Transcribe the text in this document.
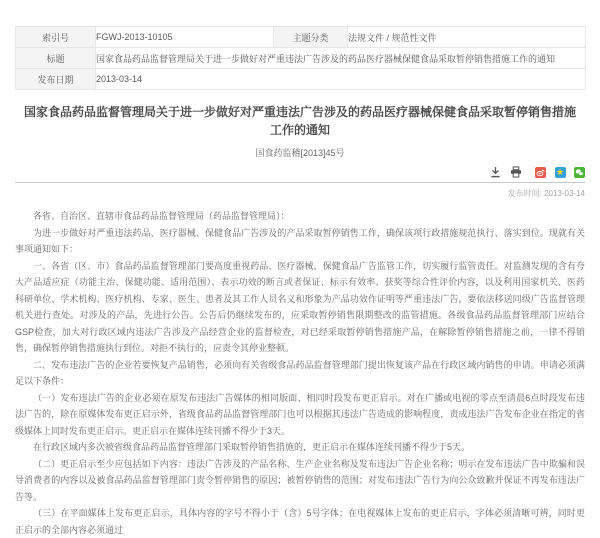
索引号	FGWJ-2013-10105	主题分类	法规文件 / 规范性文件
标题	国家食品药品监督管理局关于进一步做好对严重违法广告涉及的药品医疗器械保健食品采取暂停销售措施工作的通知		
发布日期	2013-03-14		
国家食品药品监督管理局关于进一步做好对严重违法广告涉及的药品医疗器械保健食品采取暂停销售措施工作的通知
国食药监稽[2013]45号
★
发布时间: 2013-03-14

各省、自治区、直辖市食品药品监督管理局（药品监督管理局）：

为进一步做好对严重违法药品、医疗器械、保健食品广告涉及的产品采取暂停销售工作，确保该项行政措施规范执行、落实到位。现就有关事项通知如下：

一、各省（区、市）食品药品监督管理部门要高度重视药品、医疗器械、保健食品广告监管工作，切实履行监管责任。对监测发现的含有夸大产品适应症（功能主治、保健功能、适用范围）、表示功效的断言或者保证、标示有效率、获奖等综合性评价内容，以及利用国家机关、医药科研单位、学术机构、医疗机构、专家、医生、患者及其工作人员名义和形象为产品功效作证明等严重违法广告，要依法移送同级广告监督管理机关进行查处。对涉及的产品，先进行公告。公告后仍继续发布的，应采取暂停销售限期整改的监管措施。各级食品药品监督管理部门应结合GSP检查，加大对行政区域内违法广告涉及产品经营企业的监督检查，对已经采取暂停销售措施产品，在解除暂停销售措施之前，一律不得销售，确保暂停销售措施执行到位。对拒不执行的，应责令其停业整顿。

二、发布违法广告的企业若要恢复产品销售，必须向有关省级食品药品监督管理部门提出恢复该产品在行政区域内销售的申请。申请必须满足以下条件：

（一）发布违法广告的企业必须在原发布违法广告媒体的相同版面、相同时段发布更正启示。对在广播或电视的零点至清晨6点时段发布违法广告的，除在原媒体发布更正启示外，省级食品药品监督管理部门也可以根据其违法广告造成的影响程度，责成违法广告发布企业在指定的省级媒体上同时发布更正启示。更正启示在媒体连续刊播不得少于3天。

在行政区域内多次被省级食品药品监督管理部门采取暂停销售措施的，更正启示在媒体连续刊播不得少于5天。

（二）更正启示至少应包括如下内容：违法广告涉及的产品名称、生产企业名称及发布违法广告企业名称；明示在发布违法广告中欺骗和误导消费者的内容以及被食品药品监督管理部门责令暂停销售的原因；被暂停销售的范围；对发布违法广告行为向公众致歉并保证不再发布违法广告等。

（三）在平面媒体上发布更正启示，具体内容的字号不得小于（含）5号字体；在电视媒体上发布的更正启示，字体必须清晰可辨，同时更正启示的全部内容必须通过
